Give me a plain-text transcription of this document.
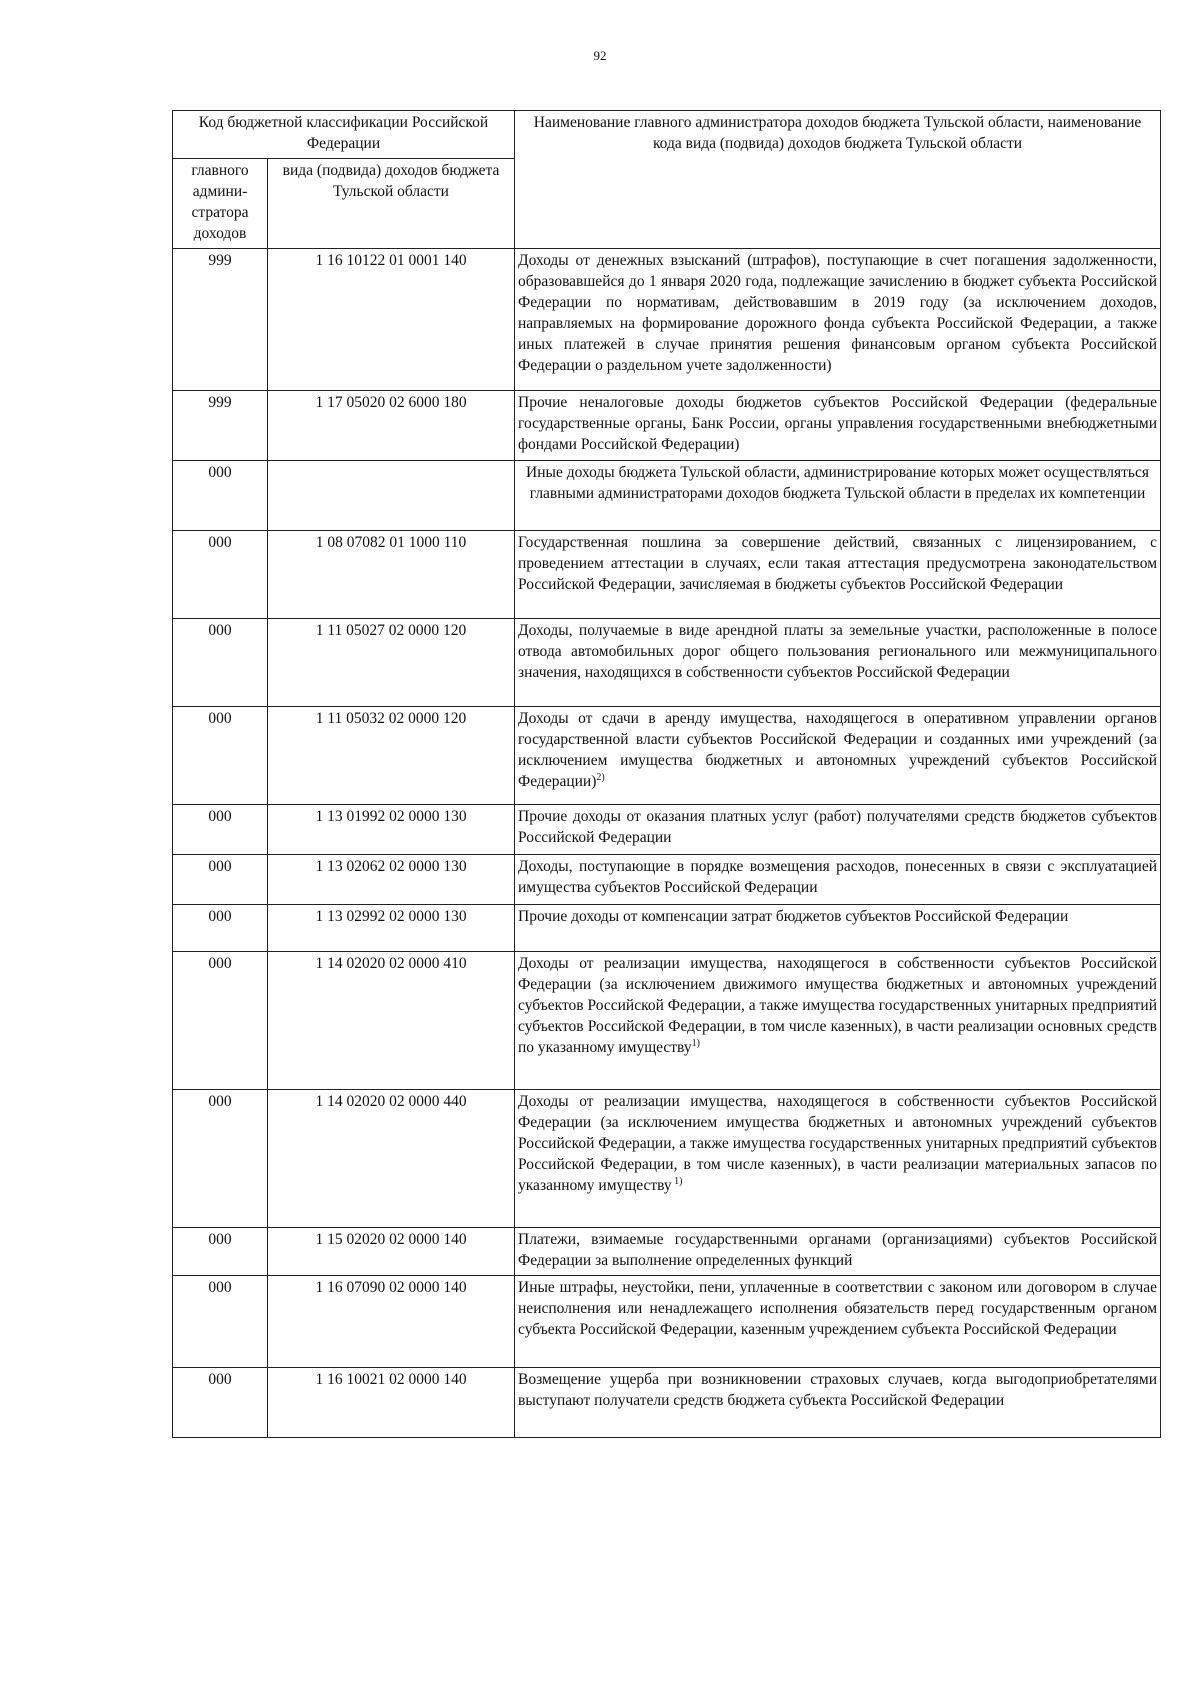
92
Код бюджетной классификации Российской Федерации		Наименование главного администратора доходов бюджета Тульской области, наименование кода вида (подвида) доходов бюджета Тульской области
главного админи-стратора доходов	вида (подвида) доходов бюджета Тульской области	
999	1 16 10122 01 0001 140	Доходы от денежных взысканий (штрафов), поступающие в счет погашения задолженности, образовавшейся до 1 января 2020 года, подлежащие зачислению в бюджет субъекта Российской Федерации по нормативам, действовавшим в 2019 году (за исключением доходов, направляемых на формирование дорожного фонда субъекта Российской Федерации, а также иных платежей в случае принятия решения финансовым органом субъекта Российской Федерации о раздельном учете задолженности)
999	1 17 05020 02 6000 180	Прочие неналоговые доходы бюджетов субъектов Российской Федерации (федеральные государственные органы, Банк России, органы управления государственными внебюджетными фондами Российской Федерации)
000		Иные доходы бюджета Тульской области, администрирование которых может осуществляться главными администраторами доходов бюджета Тульской области в пределах их компетенции
000	1 08 07082 01 1000 110	Государственная пошлина за совершение действий, связанных с лицензированием, с проведением аттестации в случаях, если такая аттестация предусмотрена законодательством Российской Федерации, зачисляемая в бюджеты субъектов Российской Федерации
000	1 11 05027 02 0000 120	Доходы, получаемые в виде арендной платы за земельные участки, расположенные в полосе отвода автомобильных дорог общего пользования регионального или межмуниципального значения, находящихся в собственности субъектов Российской Федерации
000	1 11 05032 02 0000 120	Доходы от сдачи в аренду имущества, находящегося в оперативном управлении органов государственной власти субъектов Российской Федерации и созданных ими учреждений (за исключением имущества бюджетных и автономных учреждений субъектов Российской Федерации)$^{2)}$
000	1 13 01992 02 0000 130	Прочие доходы от оказания платных услуг (работ) получателями средств бюджетов субъектов Российской Федерации
000	1 13 02062 02 0000 130	Доходы, поступающие в порядке возмещения расходов, понесенных в связи с эксплуатацией имущества субъектов Российской Федерации
000	1 13 02992 02 0000 130	Прочие доходы от компенсации затрат бюджетов субъектов Российской Федерации
000	1 14 02020 02 0000 410	Доходы от реализации имущества, находящегося в собственности субъектов Российской Федерации (за исключением движимого имущества бюджетных и автономных учреждений субъектов Российской Федерации, а также имущества государственных унитарных предприятий субъектов Российской Федерации, в том числе казенных), в части реализации основных средств по указанному имуществу$^{1)}$
000	1 14 02020 02 0000 440	Доходы от реализации имущества, находящегося в собственности субъектов Российской Федерации (за исключением имущества бюджетных и автономных учреждений субъектов Российской Федерации, а также имущества государственных унитарных предприятий субъектов Российской Федерации, в том числе казенных), в части реализации материальных запасов по указанному имуществу $^{1)}$
000	1 15 02020 02 0000 140	Платежи, взимаемые государственными органами (организациями) субъектов Российской Федерации за выполнение определенных функций
000	1 16 07090 02 0000 140	Иные штрафы, неустойки, пени, уплаченные в соответствии с законом или договором в случае неисполнения или ненадлежащего исполнения обязательств перед государственным органом субъекта Российской Федерации, казенным учреждением субъекта Российской Федерации
000	1 16 10021 02 0000 140	Возмещение ущерба при возникновении страховых случаев, когда выгодоприобретателями выступают получатели средств бюджета субъекта Российской Федерации
